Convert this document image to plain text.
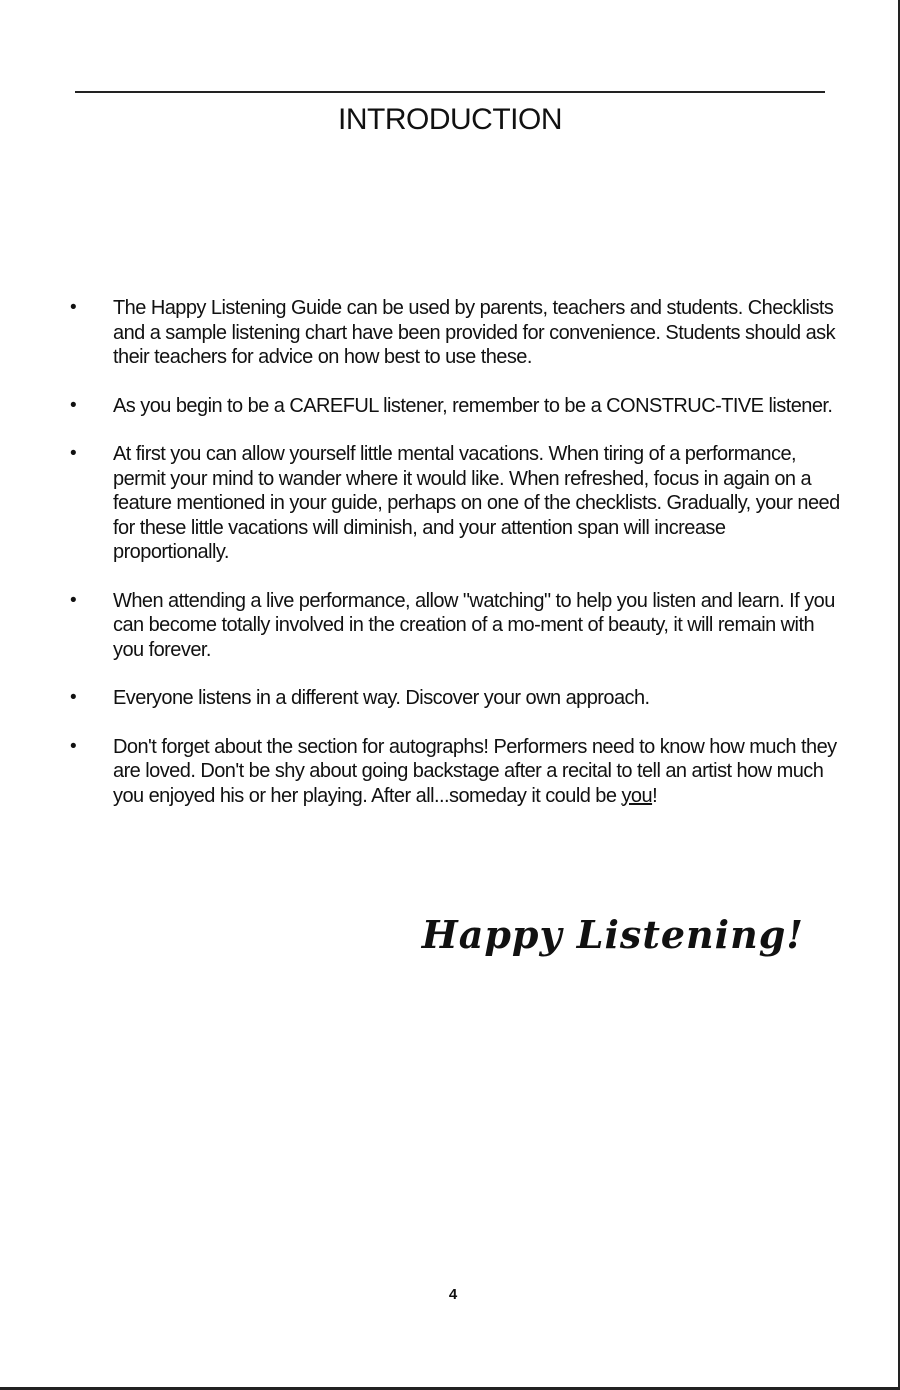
INTRODUCTION
• The Happy Listening Guide can be used by parents, teachers and students. Checklists and a sample listening chart have been provided for convenience. Students should ask their teachers for advice on how best to use these.
• As you begin to be a CAREFUL listener, remember to be a CONSTRUC-TIVE listener.
• At first you can allow yourself little mental vacations. When tiring of a performance, permit your mind to wander where it would like. When refreshed, focus in again on a feature mentioned in your guide, perhaps on one of the checklists. Gradually, your need for these little vacations will diminish, and your attention span will increase proportionally.
• When attending a live performance, allow "watching" to help you listen and learn. If you can become totally involved in the creation of a mo-ment of beauty, it will remain with you forever.
• Everyone listens in a different way. Discover your own approach.
• Don't forget about the section for autographs! Performers need to know how much they are loved. Don't be shy about going backstage after a recital to tell an artist how much you enjoyed his or her playing. After all...someday it could be you!
Happy Listening!
4
